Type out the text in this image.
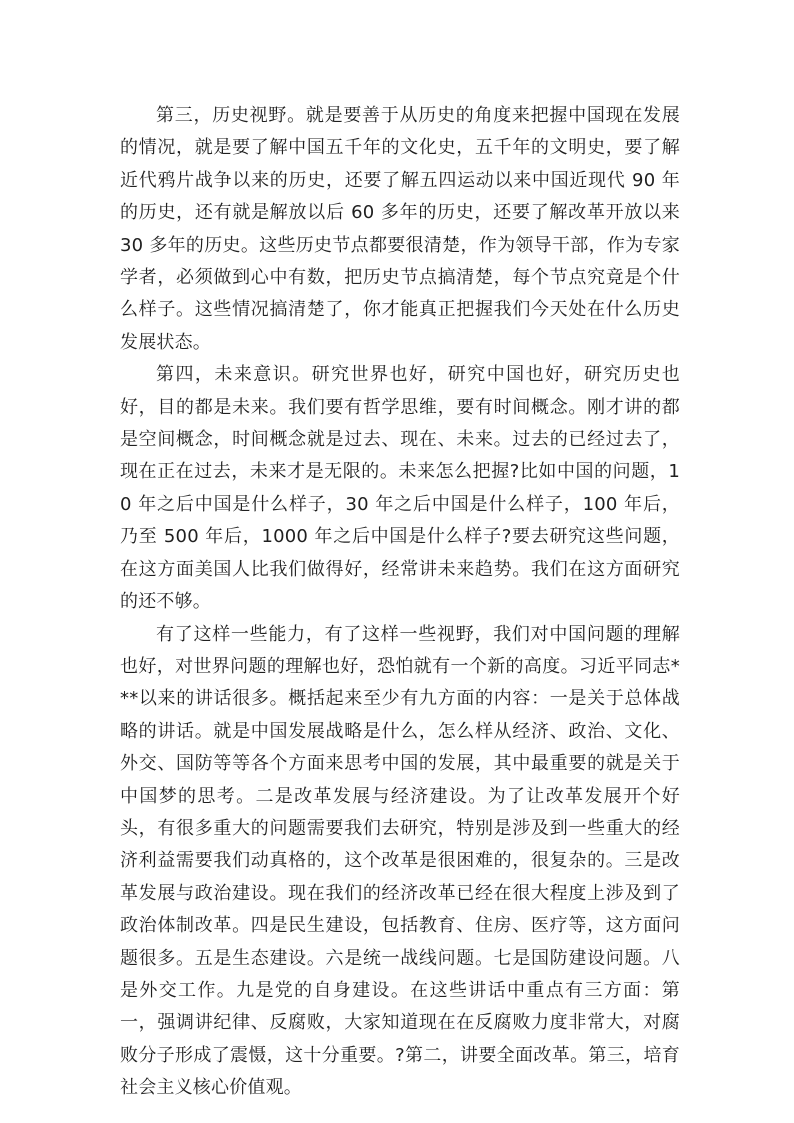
第三，历史视野。就是要善于从历史的角度来把握中国现在发展的情况，就是要了解中国五千年的文化史，五千年的文明史，要了解近代鸦片战争以来的历史，还要了解五四运动以来中国近现代 90 年的历史，还有就是解放以后 60 多年的历史，还要了解改革开放以来 30 多年的历史。这些历史节点都要很清楚，作为领导干部，作为专家学者，必须做到心中有数，把历史节点搞清楚，每个节点究竟是个什么样子。这些情况搞清楚了，你才能真正把握我们今天处在什么历史发展状态。

第四，未来意识。研究世界也好，研究中国也好，研究历史也好，目的都是未来。我们要有哲学思维，要有时间概念。刚才讲的都是空间概念，时间概念就是过去、现在、未来。过去的已经过去了，现在正在过去，未来才是无限的。未来怎么把握?比如中国的问题，10 年之后中国是什么样子，30 年之后中国是什么样子，100 年后，乃至 500 年后，1000 年之后中国是什么样子?要去研究这些问题，在这方面美国人比我们做得好，经常讲未来趋势。我们在这方面研究的还不够。

有了这样一些能力，有了这样一些视野，我们对中国问题的理解也好，对世界问题的理解也好，恐怕就有一个新的高度。习近平同志***以来的讲话很多。概括起来至少有九方面的内容：一是关于总体战略的讲话。就是中国发展战略是什么，怎么样从经济、政治、文化、外交、国防等等各个方面来思考中国的发展，其中最重要的就是关于中国梦的思考。二是改革发展与经济建设。为了让改革发展开个好头，有很多重大的问题需要我们去研究，特别是涉及到一些重大的经济利益需要我们动真格的，这个改革是很困难的，很复杂的。三是改革发展与政治建设。现在我们的经济改革已经在很大程度上涉及到了政治体制改革。四是民生建设，包括教育、住房、医疗等，这方面问题很多。五是生态建设。六是统一战线问题。七是国防建设问题。八是外交工作。九是党的自身建设。在这些讲话中重点有三方面：第一，强调讲纪律、反腐败，大家知道现在在反腐败力度非常大，对腐败分子形成了震慑，这十分重要。?第二，讲要全面改革。第三，培育社会主义核心价值观。
